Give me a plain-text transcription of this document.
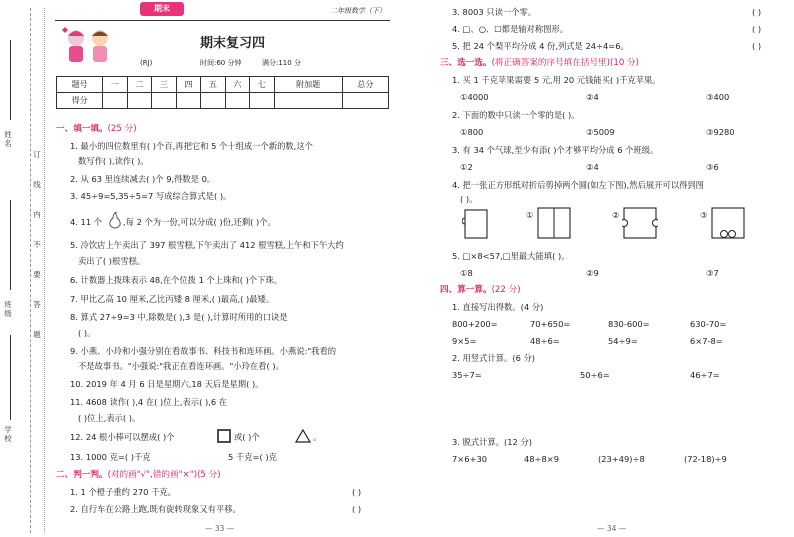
姓名
班级
学校
订
线
内
不
要
答
题
期末	二年级数学（下）
期末复习四
(RJ)	时间:60 分钟	满分:110 分
题号	一	二	三	四	五	六	七	附加题	总分
得分									
一、填一填。(25 分)
1. 最小的四位数里有( )个百,再把它和 5 个十组成一个新的数,这个
数写作( ),读作( )。
2. 从 63 里连续减去( )个 9,得数是 0。
3. 45÷9=5,35÷5=7 写成综合算式是( )。
4. 11 个	,每 2 个为一份,可以分成( )份,还剩( )个。
5. 冷饮店上午卖出了 397 根雪糕,下午卖出了 412 根雪糕,上午和下午大约
卖出了( )根雪糕。
6. 计数器上拨珠表示 48,在个位拨 1 个上珠和( )个下珠。
7. 甲比乙高 10 厘米,乙比丙矮 8 厘米,( )最高,( )最矮。
8. 算式 27÷9=3 中,除数是( ),3 是( ),计算时所用的口诀是
( )。
9. 小燕、小玲和小强分别在看故事书、科技书和连环画。小燕说:"我看的
不是故事书。"小强说:"我正在看连环画。"小玲在看( )。
10. 2019 年 4 月 6 日是星期六,18 天后是星期( )。
11. 4608 读作( ),4 在( )位上,表示( ),6 在
( )位上,表示( )。
12. 24 根小棒可以摆成( )个	或( )个	。
13. 1000 克=( )千克	5 千克=( )克
二、判一判。(对的画"√",错的画"×")(5 分)
1. 1 个橙子重约 270 千克。	( )
2. 自行车在公路上跑,既有旋转现象又有平移。	( )
— 33 —
3. 8003 只读一个零。	( )
4. □、○、☐都是轴对称图形。	( )
5. 把 24 个梨平均分成 4 份,列式是 24÷4=6。	( )
三、选一选。(将正确答案的序号填在括号里)(10 分)
1. 买 1 千克苹果需要 5 元,用 20 元钱能买( )千克苹果。
①4000	②4	③400
2. 下面的数中只读一个零的是( )。
①800	②5009	③9280
3. 有 34 个气球,至少有添( )个才够平均分成 6 个班级。
①2	②4	③6
4. 把一张正方形纸对折后剪掉两个圆(如左下图),然后展开可以得到图
( )。
①	②	③
5. □×8<57,□里最大能填( )。
①8	②9	③7
四、算一算。(22 分)
1. 直接写出得数。(4 分)
800+200=	70+650=	830-600=	630-70=
9×5=	48÷6=	54÷9=	6×7-8=
2. 用竖式计算。(6 分)
35÷7=	50÷6=	46÷7=
3. 脱式计算。(12 分)
7×6+30	48÷8×9	(23+49)÷8	(72-18)÷9
— 34 —
